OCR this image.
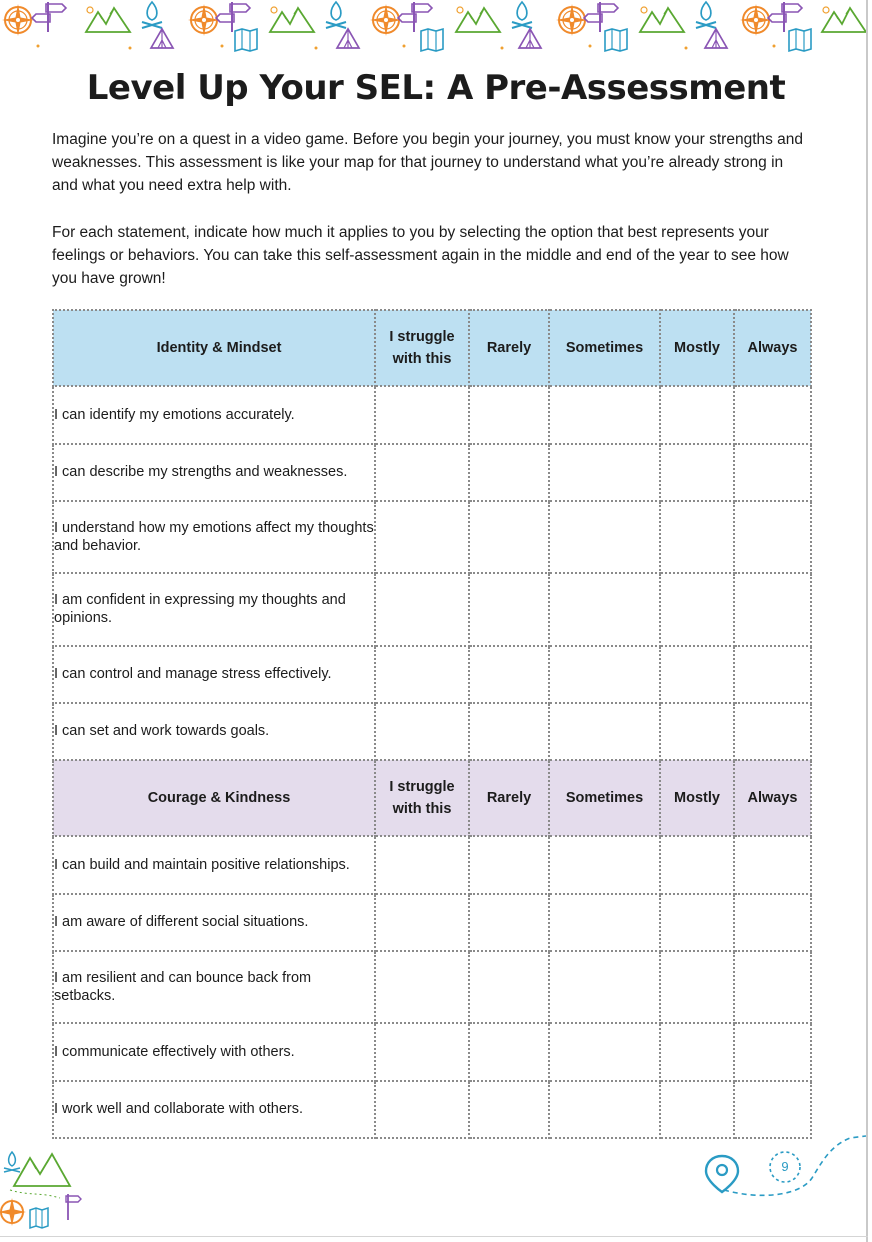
Level Up Your SEL: A Pre-Assessment

Imagine you’re on a quest in a video game. Before you begin your journey, you must know your strengths and weaknesses. This assessment is like your map for that journey to understand what you’re already strong in and what you need extra help with.

For each statement, indicate how much it applies to you by selecting the option that best represents your feelings or behaviors. You can take this self-assessment again in the middle and end of the year to see how you have grown!

Identity & Mindset	I struggle with this	Rarely	Sometimes	Mostly	Always
I can identify my emotions accurately.					
I can describe my strengths and weaknesses.					
I understand how my emotions affect my thoughts and behavior.					
I am confident in expressing my thoughts and opinions.					
I can control and manage stress effectively.					
I can set and work towards goals.					
Courage & Kindness	I struggle with this	Rarely	Sometimes	Mostly	Always
I can build and maintain positive relationships.					
I am aware of different social situations.					
I am resilient and can bounce back from setbacks.					
I communicate effectively with others.					
I work well and collaborate with others.					
9
